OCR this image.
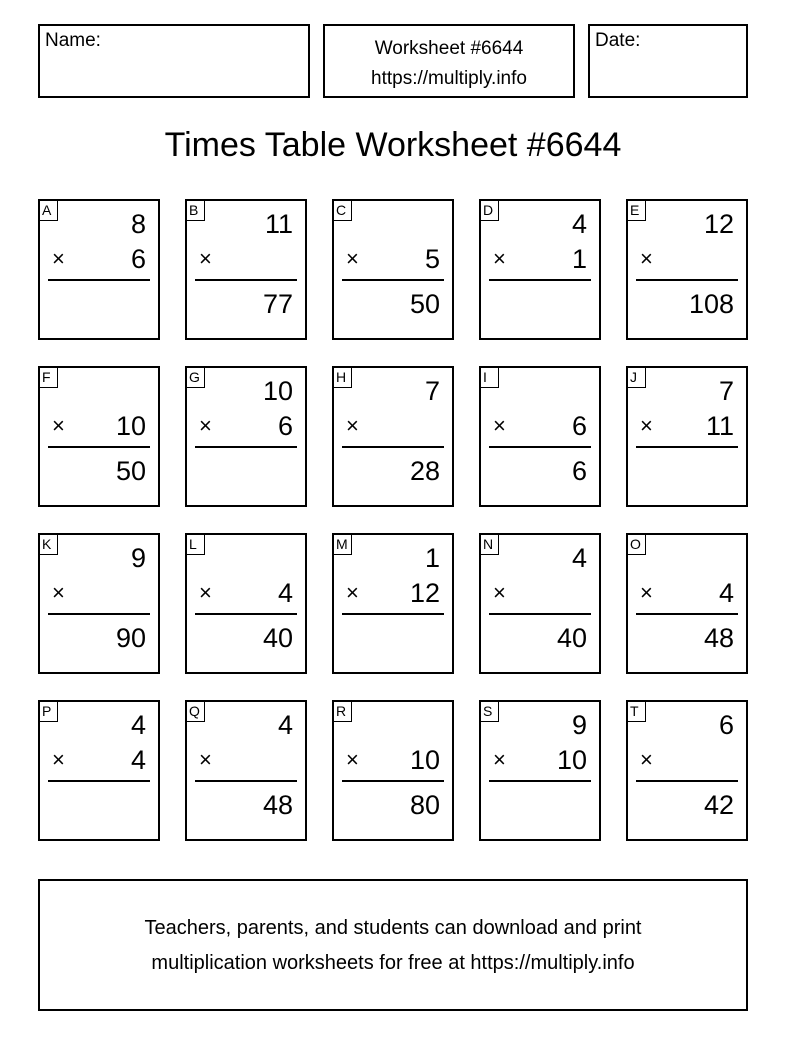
Name:	Worksheet #6644
https://multiply.info
Date:
Times Table Worksheet #6644
A	8
× 6
B 11
×
77
C
× 5
50
D	4
× 1
E 12
×
108
F
× 10
50
G 10
× 6
H	7
×
28
I
× 6
6
J	7
× 11
K	9
×
90
L
× 4
40
M	1
× 12
N	4
×
40
O
× 4
48
P	4
× 4
Q	4
×
48
R
× 10
80
S	9
× 10
T	6
×
42
Teachers, parents, and students can download and print
multiplication worksheets for free at https://multiply.info
